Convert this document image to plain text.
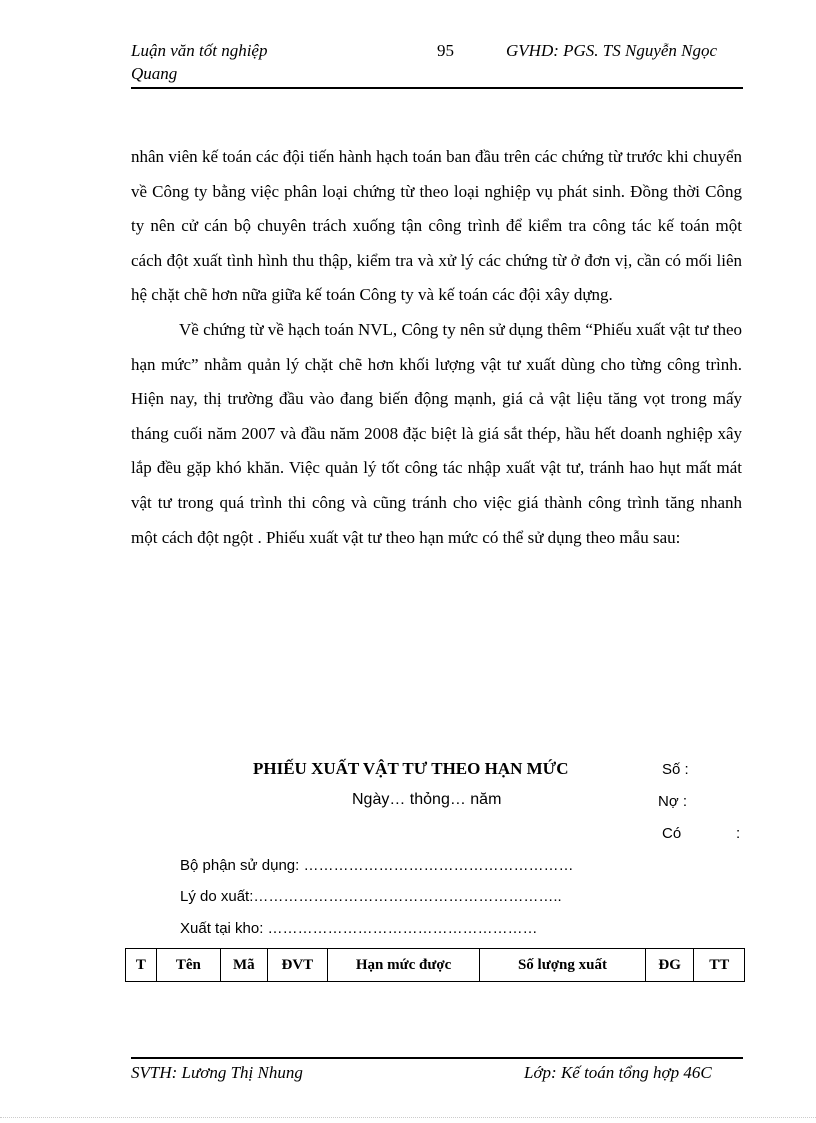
Luận văn tốt nghiệp	95	GVHD: PGS. TS Nguyễn Ngọc
Quang

nhân viên kế toán các đội tiến hành hạch toán ban đầu trên các chứng từ trước khi chuyển về Công ty bằng việc phân loại chứng từ theo loại nghiệp vụ phát sinh. Đồng thời Công ty nên cử cán bộ chuyên trách xuống tận công trình để kiểm tra công tác kế toán một cách đột xuất tình hình thu thập, kiểm tra và xử lý các chứng từ ở đơn vị, cần có mối liên hệ chặt chẽ hơn nữa giữa kế toán Công ty và kế toán các đội xây dựng.

Về chứng từ về hạch toán NVL, Công ty nên sử dụng thêm “Phiếu xuất vật tư theo hạn mức” nhằm quản lý chặt chẽ hơn khối lượng vật tư xuất dùng cho từng công trình. Hiện nay, thị trường đầu vào đang biến động mạnh, giá cả vật liệu tăng vọt trong mấy tháng cuối năm 2007 và đầu năm 2008 đặc biệt là giá sắt thép, hầu hết doanh nghiệp xây lắp đều gặp khó khăn. Việc quản lý tốt công tác nhập xuất vật tư, tránh hao hụt mất mát vật tư trong quá trình thi công và cũng tránh cho việc giá thành công trình tăng nhanh một cách đột ngột . Phiếu xuất vật tư theo hạn mức có thể sử dụng theo mẫu sau:

PHIẾU XUẤT VẬT TƯ THEO HẠN MỨC
Ngày… thỏng… năm
Số :
Nợ :
Có	:
Bộ phận sử dụng: ………………………………………………
Lý do xuất:……………………………………………………..
Xuất tại kho: ………………………………………………
T	Tên	Mã	ĐVT	Hạn mức được	Số lượng xuất	ĐG	TT
SVTH: Lương Thị Nhung	Lớp: Kế toán tổng hợp 46C
